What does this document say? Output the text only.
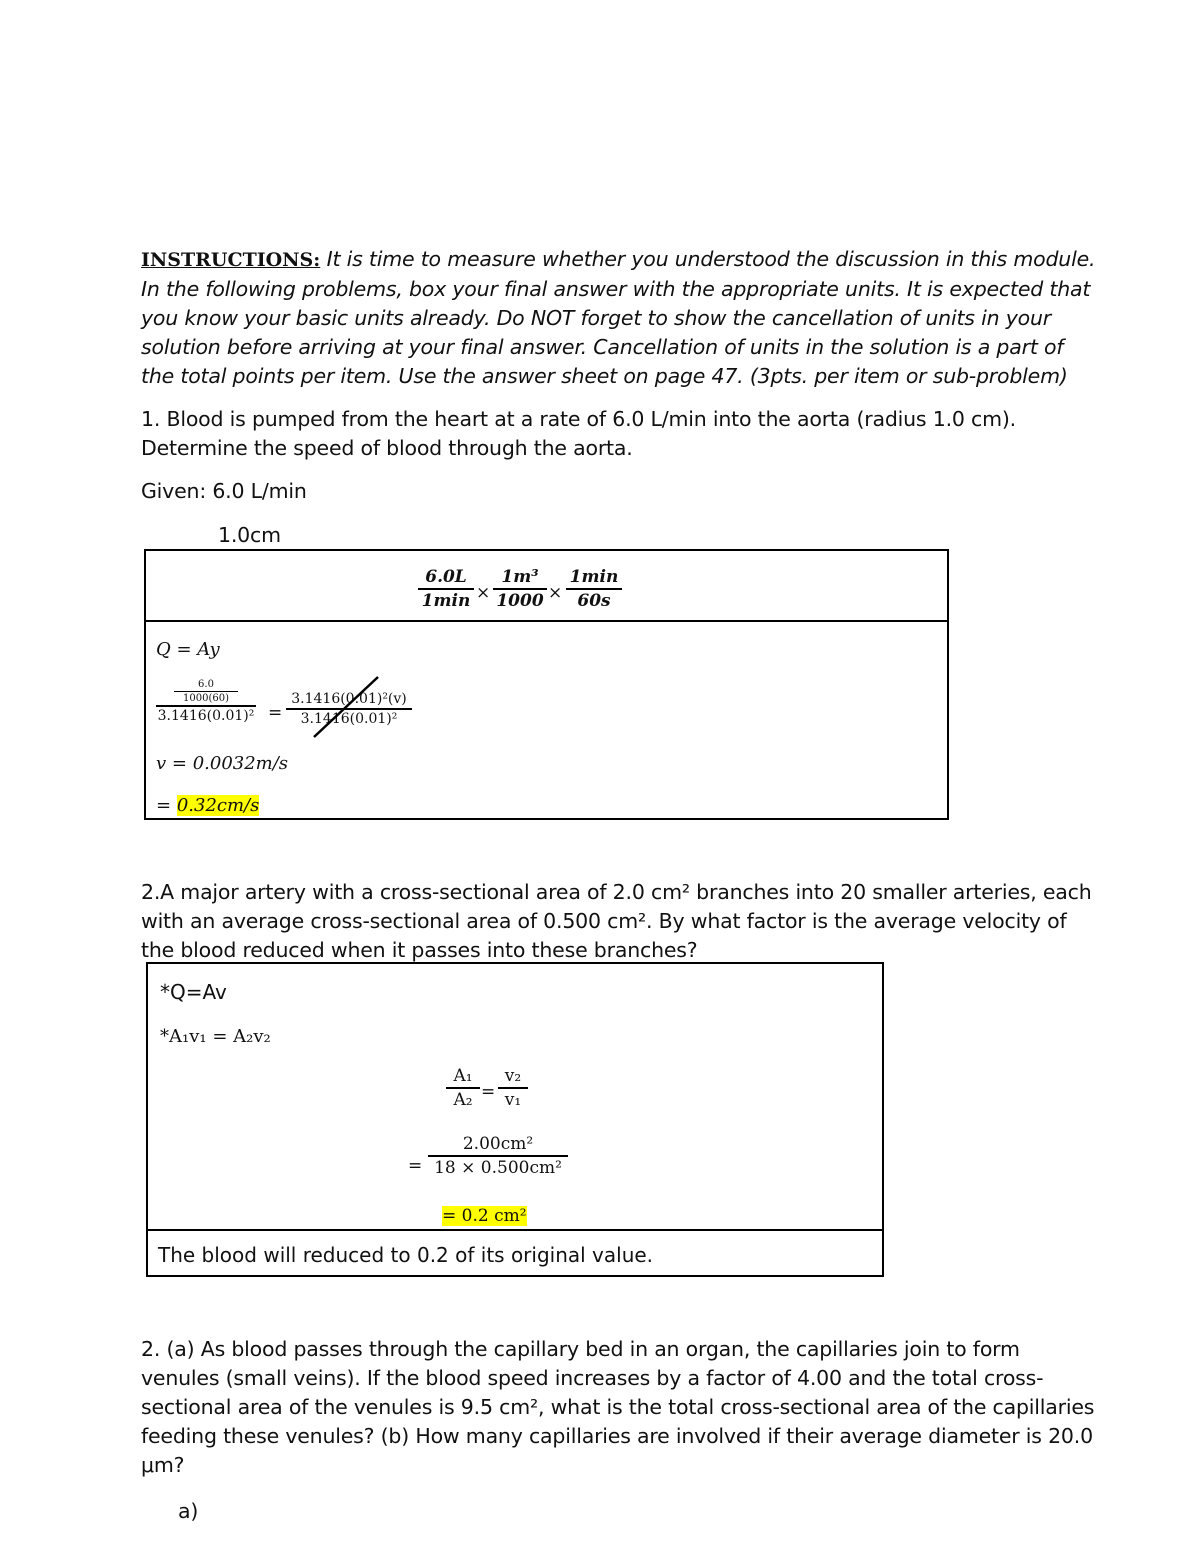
INSTRUCTIONS: It is time to measure whether you understood the discussion in this module. In the following problems, box your final answer with the appropriate units. It is expected that you know your basic units already. Do NOT forget to show the cancellation of units in your solution before arriving at your final answer. Cancellation of units in the solution is a part of the total points per item. Use the answer sheet on page 47. (3pts. per item or sub-problem)
1. Blood is pumped from the heart at a rate of 6.0 L/min into the aorta (radius 1.0 cm). Determine the speed of blood through the aorta.
Given: 6.0 L/min
1.0cm
6.0L
$1\min \times \frac{\text{1m³}}{1000}$ ×
1min
60s
Q = Ay
6.0
1000(60)
$3.1416(0.01)^2 = \frac{\text{3.1416(0.01)²(v)}}{\text{3.1416(0.01)²}}$
v = 0.0032m/s
= 0.32cm/s
2.A major artery with a cross-sectional area of 2.0 cm² branches into 20 smaller arteries, each with an average cross-sectional area of 0.500 cm². By what factor is the average velocity of the blood reduced when it passes into these branches?
*Q=Av
*A₁v₁ = A₂v₂
$\frac{\text{A₁}}{\text{A₂}} = \frac{\text{v₂}}{\text{v₁}}$
= $\frac{\text{2.00cm²}}{\text{18 × 0.500cm²}}$
= 0.2 cm²
The blood will reduced to 0.2 of its original value.
2. (a) As blood passes through the capillary bed in an organ, the capillaries join to form venules (small veins). If the blood speed increases by a factor of 4.00 and the total cross-sectional area of the venules is 9.5 cm², what is the total cross-sectional area of the capillaries feeding these venules? (b) How many capillaries are involved if their average diameter is 20.0 μm?
a)
